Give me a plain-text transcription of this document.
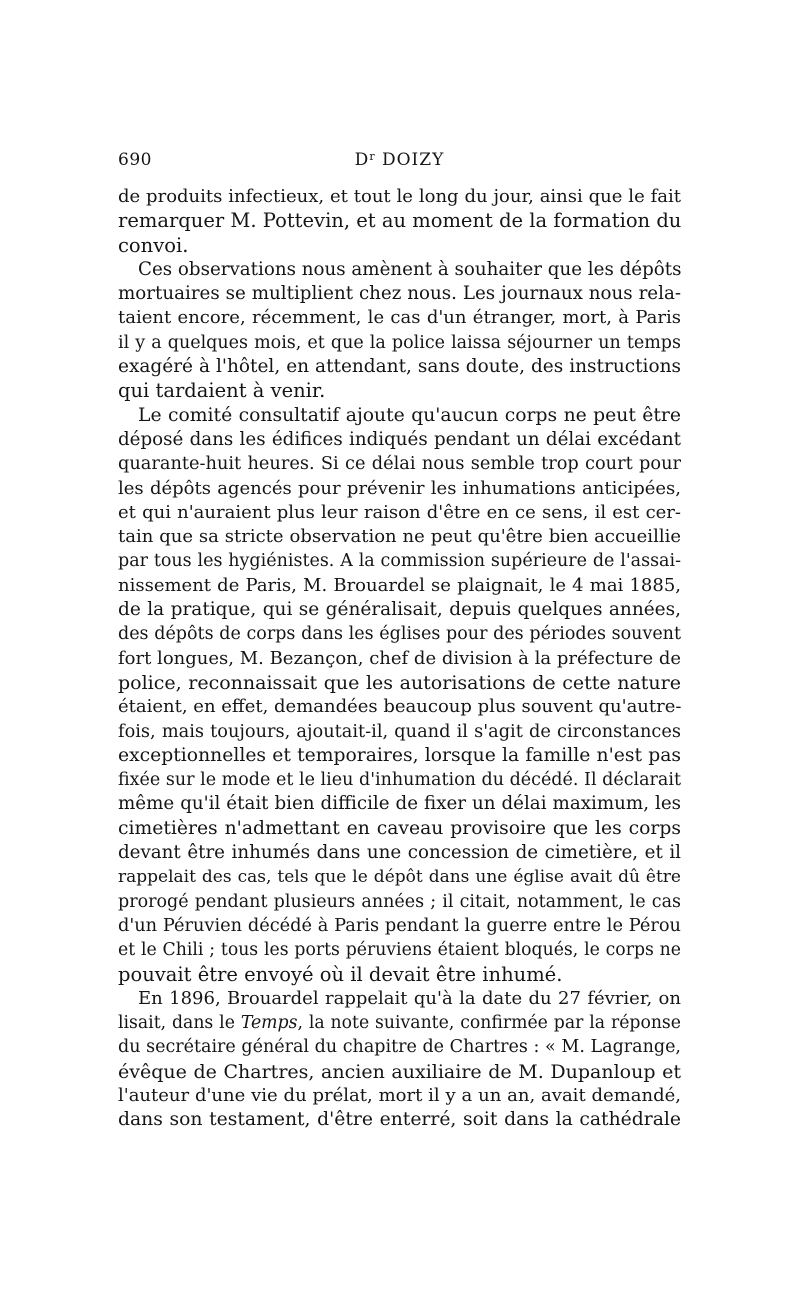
690	$D^r$ DOIZY
de produits infectieux, et tout le long du jour, ainsi que le fait
remarquer M. Pottevin, et au moment de la formation du
convoi.
Ces observations nous amènent à souhaiter que les dépôts
mortuaires se multiplient chez nous. Les journaux nous rela-
taient encore, récemment, le cas d'un étranger, mort, à Paris
il y a quelques mois, et que la police laissa séjourner un temps
exagéré à l'hôtel, en attendant, sans doute, des instructions
qui tardaient à venir.
Le comité consultatif ajoute qu'aucun corps ne peut être
déposé dans les édifices indiqués pendant un délai excédant
quarante-huit heures. Si ce délai nous semble trop court pour
les dépôts agencés pour prévenir les inhumations anticipées,
et qui n'auraient plus leur raison d'être en ce sens, il est cer-
tain que sa stricte observation ne peut qu'être bien accueillie
par tous les hygiénistes. A la commission supérieure de l'assai-
nissement de Paris, M. Brouardel se plaignait, le 4 mai 1885,
de la pratique, qui se généralisait, depuis quelques années,
des dépôts de corps dans les églises pour des périodes souvent
fort longues, M. Bezançon, chef de division à la préfecture de
police, reconnaissait que les autorisations de cette nature
étaient, en effet, demandées beaucoup plus souvent qu'autre-
fois, mais toujours, ajoutait-il, quand il s'agit de circonstances
exceptionnelles et temporaires, lorsque la famille n'est pas
fixée sur le mode et le lieu d'inhumation du décédé. Il déclarait
même qu'il était bien difficile de fixer un délai maximum, les
cimetières n'admettant en caveau provisoire que les corps
devant être inhumés dans une concession de cimetière, et il
rappelait des cas, tels que le dépôt dans une église avait dû être
prorogé pendant plusieurs années ; il citait, notamment, le cas
d'un Péruvien décédé à Paris pendant la guerre entre le Pérou
et le Chili ; tous les ports péruviens étaient bloqués, le corps ne
pouvait être envoyé où il devait être inhumé.
En 1896, Brouardel rappelait qu'à la date du 27 février, on
lisait, dans le Temps, la note suivante, confirmée par la réponse
du secrétaire général du chapitre de Chartres : « M. Lagrange,
évêque de Chartres, ancien auxiliaire de M. Dupanloup et
l'auteur d'une vie du prélat, mort il y a un an, avait demandé,
dans son testament, d'être enterré, soit dans la cathédrale
